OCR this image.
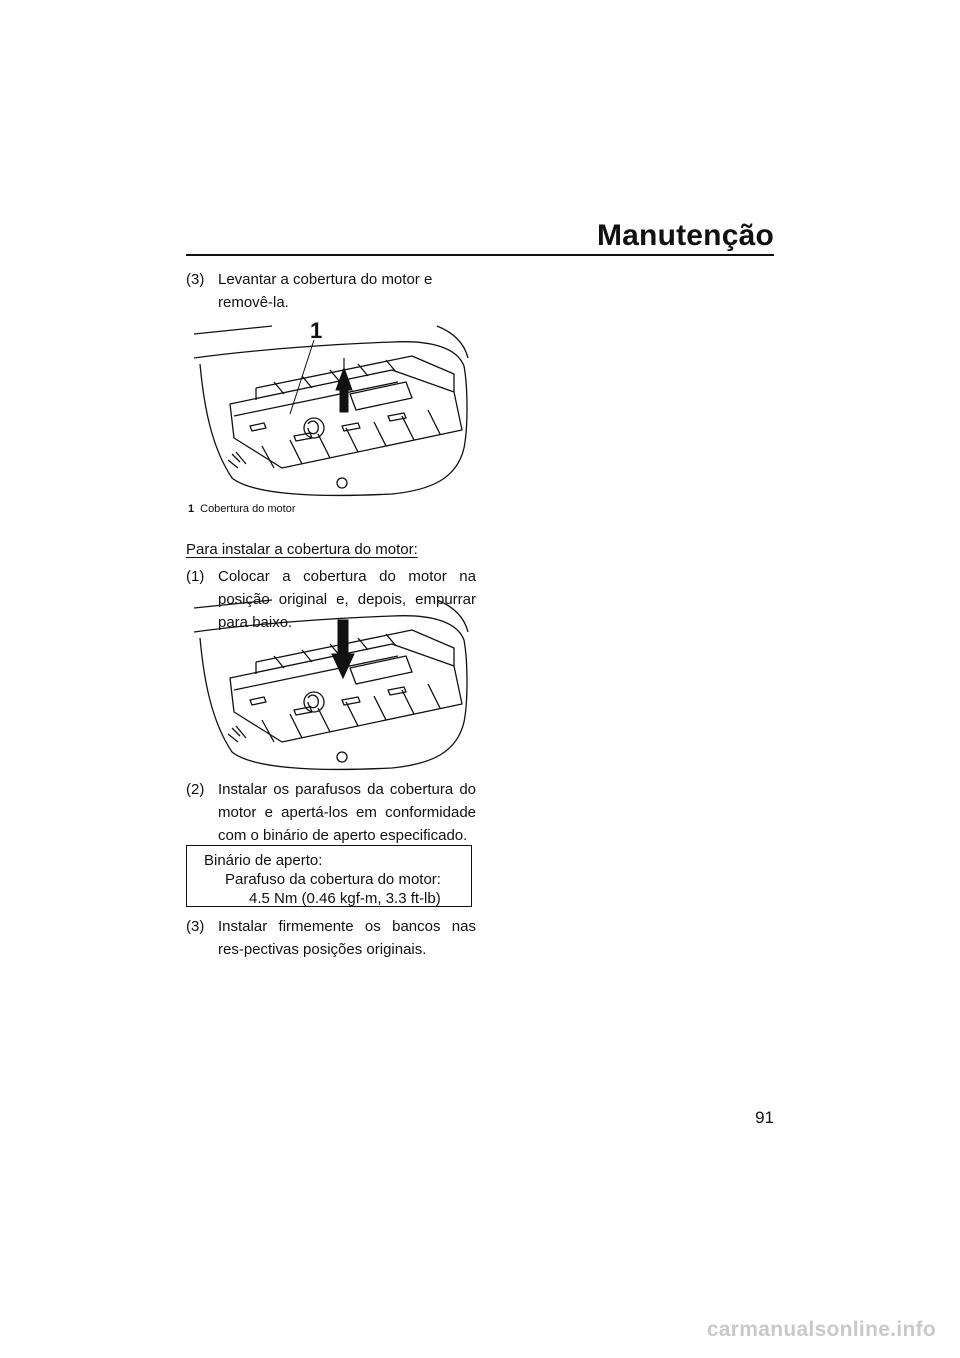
Manutenção
(3) Levantar a cobertura do motor e removê-la.
1
1 Cobertura do motor
Para instalar a cobertura do motor:
(1) Colocar a cobertura do motor na posição original e, depois, empurrar para baixo.
(2) Instalar os parafusos da cobertura do motor e apertá-los em conformidade com o binário de aperto especificado.
Binário de aperto:
Parafuso da cobertura do motor:
4.5 Nm (0.46 kgf-m, 3.3 ft-lb)
(3) Instalar firmemente os bancos nas res-pectivas posições originais.
91
carmanualsonline.info
